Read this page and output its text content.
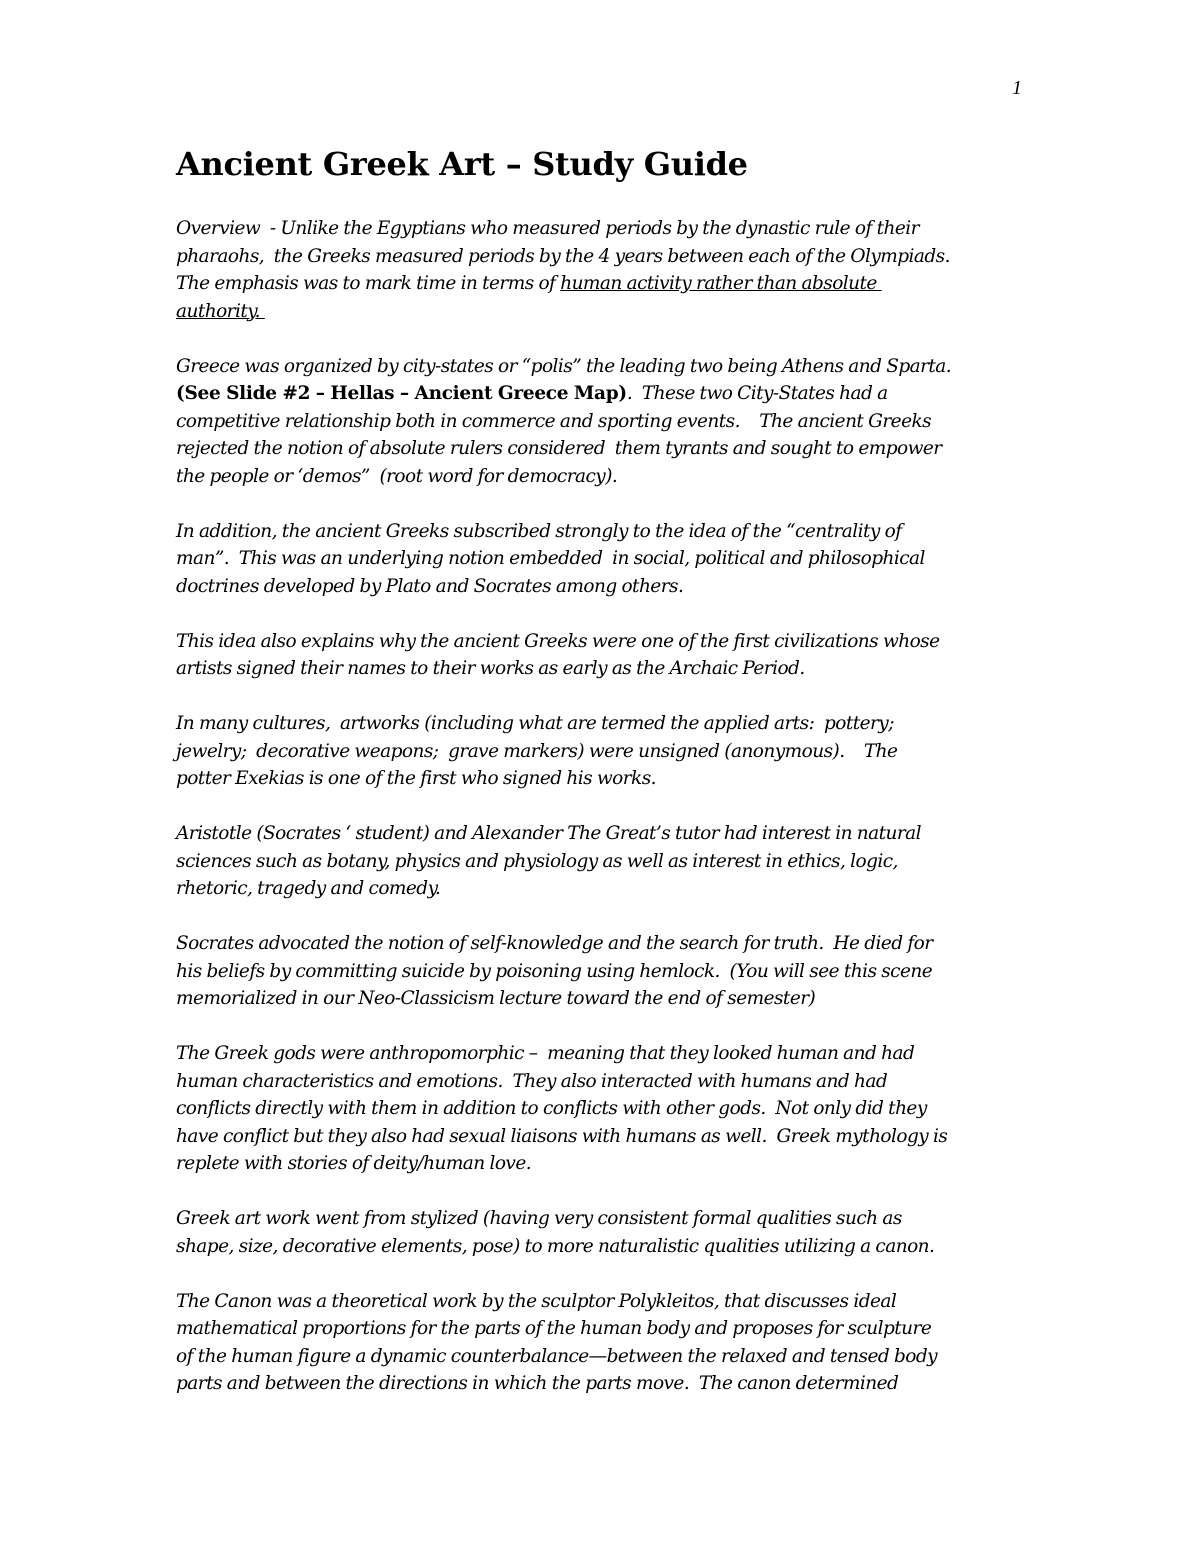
1
Ancient Greek Art – Study Guide

Overview  - Unlike the Egyptians who measured periods by the dynastic rule of their
pharaohs,  the Greeks measured periods by the 4 years between each of the Olympiads.
The emphasis was to mark time in terms of human activity rather than absolute
authority.

Greece was organized by city-states or “polis” the leading two being Athens and Sparta.
(See Slide #2 – Hellas – Ancient Greece Map).  These two City-States had a
competitive relationship both in commerce and sporting events.    The ancient Greeks
rejected the notion of absolute rulers considered  them tyrants and sought to empower
the people or ‘demos”  (root word for democracy).

In addition, the ancient Greeks subscribed strongly to the idea of the “centrality of
man”.  This was an underlying notion embedded  in social, political and philosophical
doctrines developed by Plato and Socrates among others.

This idea also explains why the ancient Greeks were one of the first civilizations whose
artists signed their names to their works as early as the Archaic Period.

In many cultures,  artworks (including what are termed the applied arts:  pottery;
jewelry;  decorative weapons;  grave markers) were unsigned (anonymous).    The
potter Exekias is one of the first who signed his works.

Aristotle (Socrates ‘ student) and Alexander The Great’s tutor had interest in natural
sciences such as botany, physics and physiology as well as interest in ethics, logic,
rhetoric, tragedy and comedy.

Socrates advocated the notion of self-knowledge and the search for truth.  He died for
his beliefs by committing suicide by poisoning using hemlock.  (You will see this scene
memorialized in our Neo-Classicism lecture toward the end of semester)

The Greek gods were anthropomorphic –  meaning that they looked human and had
human characteristics and emotions.  They also interacted with humans and had
conflicts directly with them in addition to conflicts with other gods.  Not only did they
have conflict but they also had sexual liaisons with humans as well.  Greek mythology is
replete with stories of deity/human love.

Greek art work went from stylized (having very consistent formal qualities such as
shape, size, decorative elements, pose) to more naturalistic qualities utilizing a canon.

The Canon was a theoretical work by the sculptor Polykleitos, that discusses ideal
mathematical proportions for the parts of the human body and proposes for sculpture
of the human figure a dynamic counterbalance—between the relaxed and tensed body
parts and between the directions in which the parts move.  The canon determined
